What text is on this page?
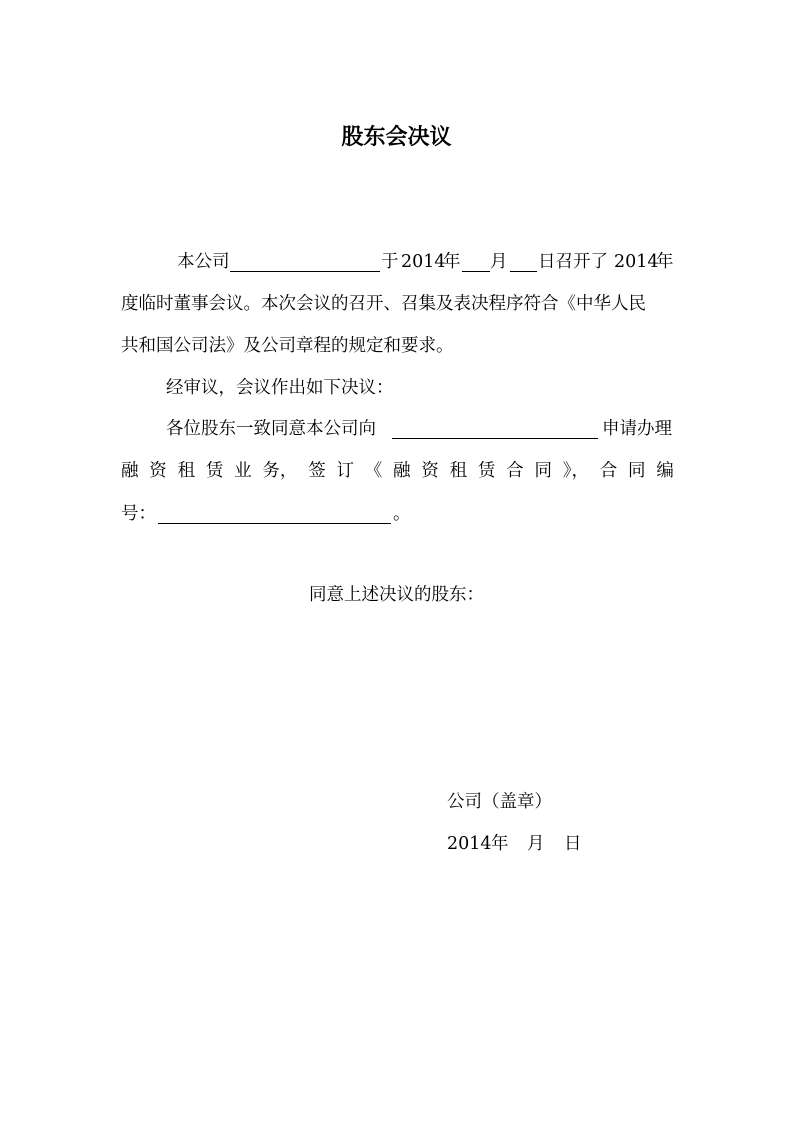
股东会决议
本公司	于 2014
年 月 日召开了 2014
年
度临时董事会议。本次会议的召开、召集及表决程序符合《中华人民
共和国公司法》及公司章程的规定和要求。
经审议，会议作出如下决议：
各位股东一致同意本公司向	申请办理
融 资 租 赁 业 务， 签 订 《 融 资 租 赁 合 同 》， 合 同 编
号：	。
同意上述决议的股东：
公司（盖章）
2014 年 月 日
